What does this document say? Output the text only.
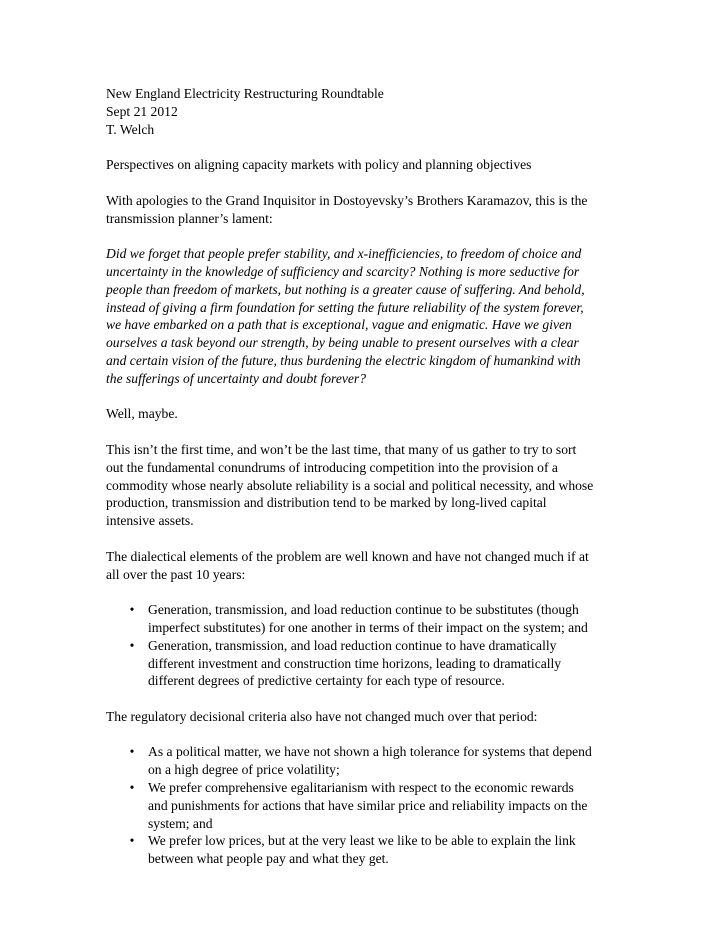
New England Electricity Restructuring Roundtable

Sept 21 2012

T. Welch

Perspectives on aligning capacity markets with policy and planning objectives

With apologies to the Grand Inquisitor in Dostoyevsky’s Brothers Karamazov, this is the
transmission planner’s lament:

Did we forget that people prefer stability, and x-inefficiencies, to freedom of choice and
uncertainty in the knowledge of sufficiency and scarcity? Nothing is more seductive for
people than freedom of markets, but nothing is a greater cause of suffering. And behold,
instead of giving a firm foundation for setting the future reliability of the system forever,
we have embarked on a path that is exceptional, vague and enigmatic. Have we given
ourselves a task beyond our strength, by being unable to present ourselves with a clear
and certain vision of the future, thus burdening the electric kingdom of humankind with
the sufferings of uncertainty and doubt forever?

Well, maybe.

This isn’t the first time, and won’t be the last time, that many of us gather to try to sort
out the fundamental conundrums of introducing competition into the provision of a
commodity whose nearly absolute reliability is a social and political necessity, and whose
production, transmission and distribution tend to be marked by long-lived capital
intensive assets.

The dialectical elements of the problem are well known and have not changed much if at
all over the past 10 years:

• Generation, transmission, and load reduction continue to be substitutes (though
imperfect substitutes) for one another in terms of their impact on the system; and
• Generation, transmission, and load reduction continue to have dramatically
different investment and construction time horizons, leading to dramatically
different degrees of predictive certainty for each type of resource.

The regulatory decisional criteria also have not changed much over that period:

• As a political matter, we have not shown a high tolerance for systems that depend
on a high degree of price volatility;
• We prefer comprehensive egalitarianism with respect to the economic rewards
and punishments for actions that have similar price and reliability impacts on the
system; and
• We prefer low prices, but at the very least we like to be able to explain the link
between what people pay and what they get.
